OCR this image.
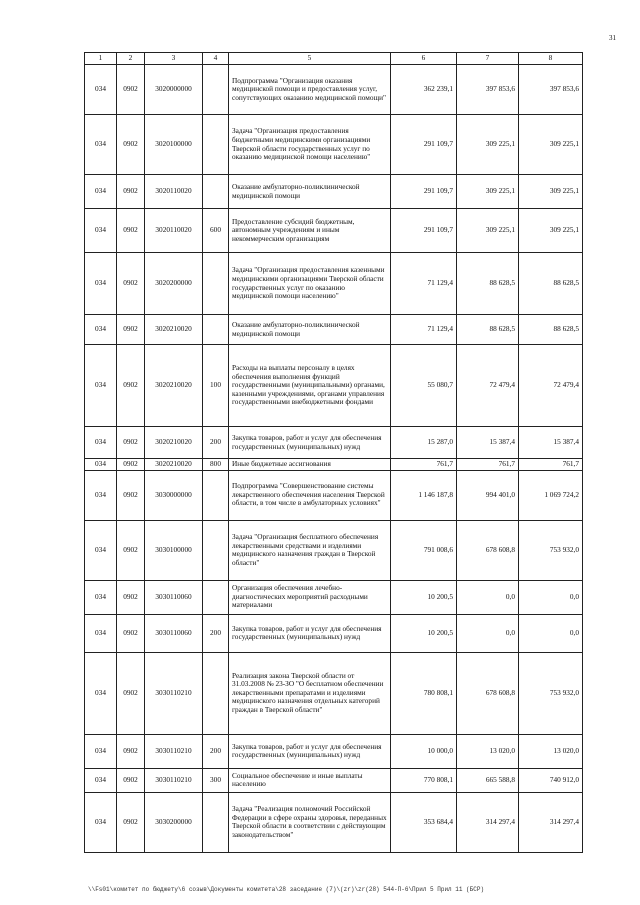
31
1	2	3	4	5	6	7	8
034	0902	3020000000		Подпрограмма "Организация оказания медицинской помощи и предоставления услуг, сопутствующих оказанию медицинской помощи"	362 239,1	397 853,6	397 853,6
034	0902	3020100000		Задача "Организация предоставления бюджетными медицинскими организациями Тверской области государственных услуг по оказанию медицинской помощи населению"	291 109,7	309 225,1	309 225,1
034	0902	3020110020		Оказание амбулаторно-поликлинической медицинской помощи	291 109,7	309 225,1	309 225,1
034	0902	3020110020	600	Предоставление субсидий бюджетным, автономным учреждениям и иным некоммерческим организациям	291 109,7	309 225,1	309 225,1
034	0902	3020200000		Задача "Организация предоставления казенными медицинскими организациями Тверской области государственных услуг по оказанию медицинской помощи населению"	71 129,4	88 628,5	88 628,5
034	0902	3020210020		Оказание амбулаторно-поликлинической медицинской помощи	71 129,4	88 628,5	88 628,5
034	0902	3020210020	100	Расходы на выплаты персоналу в целях обеспечения выполнения функций государственными (муниципальными) органами, казенными учреждениями, органами управления государственными внебюджетными фондами	55 080,7	72 479,4	72 479,4
034	0902	3020210020	200	Закупка товаров, работ и услуг для обеспечения государственных (муниципальных) нужд	15 287,0	15 387,4	15 387,4
034	0902	3020210020	800	Иные бюджетные ассигнования	761,7	761,7	761,7
034	0902	3030000000		Подпрограмма "Совершенствование системы лекарственного обеспечения населения Тверской области, в том числе в амбулаторных условиях"	1 146 187,8	994 401,0	1 069 724,2
034	0902	3030100000		Задача "Организация бесплатного обеспечения лекарственными средствами и изделиями медицинского назначения граждан в Тверской области"	791 008,6	678 608,8	753 932,0
034	0902	3030110060		Организация обеспечения лечебно-диагностических мероприятий расходными материалами	10 200,5	0,0	0,0
034	0902	3030110060	200	Закупка товаров, работ и услуг для обеспечения государственных (муниципальных) нужд	10 200,5	0,0	0,0
034	0902	3030110210		Реализация закона Тверской области от 31.03.2008 № 23-ЗО "О бесплатном обеспечении лекарственными препаратами и изделиями медицинского назначения отдельных категорий граждан в Тверской области"	780 808,1	678 608,8	753 932,0
034	0902	3030110210	200	Закупка товаров, работ и услуг для обеспечения государственных (муниципальных) нужд	10 000,0	13 020,0	13 020,0
034	0902	3030110210	300	Социальное обеспечение и иные выплаты населению	770 808,1	665 588,8	740 912,0
034	0902	3030200000		Задача "Реализация полномочий Российской Федерации в сфере охраны здоровья, переданных Тверской области в соответствии с действующим законодательством"	353 684,4	314 297,4	314 297,4
\\Fs01\комитет по бюджету\6 созыв\Документы комитета\28 заседание (7)\(zr)\zr(28) 544-П-6\Прил 5 Прил 11 (БСР)
